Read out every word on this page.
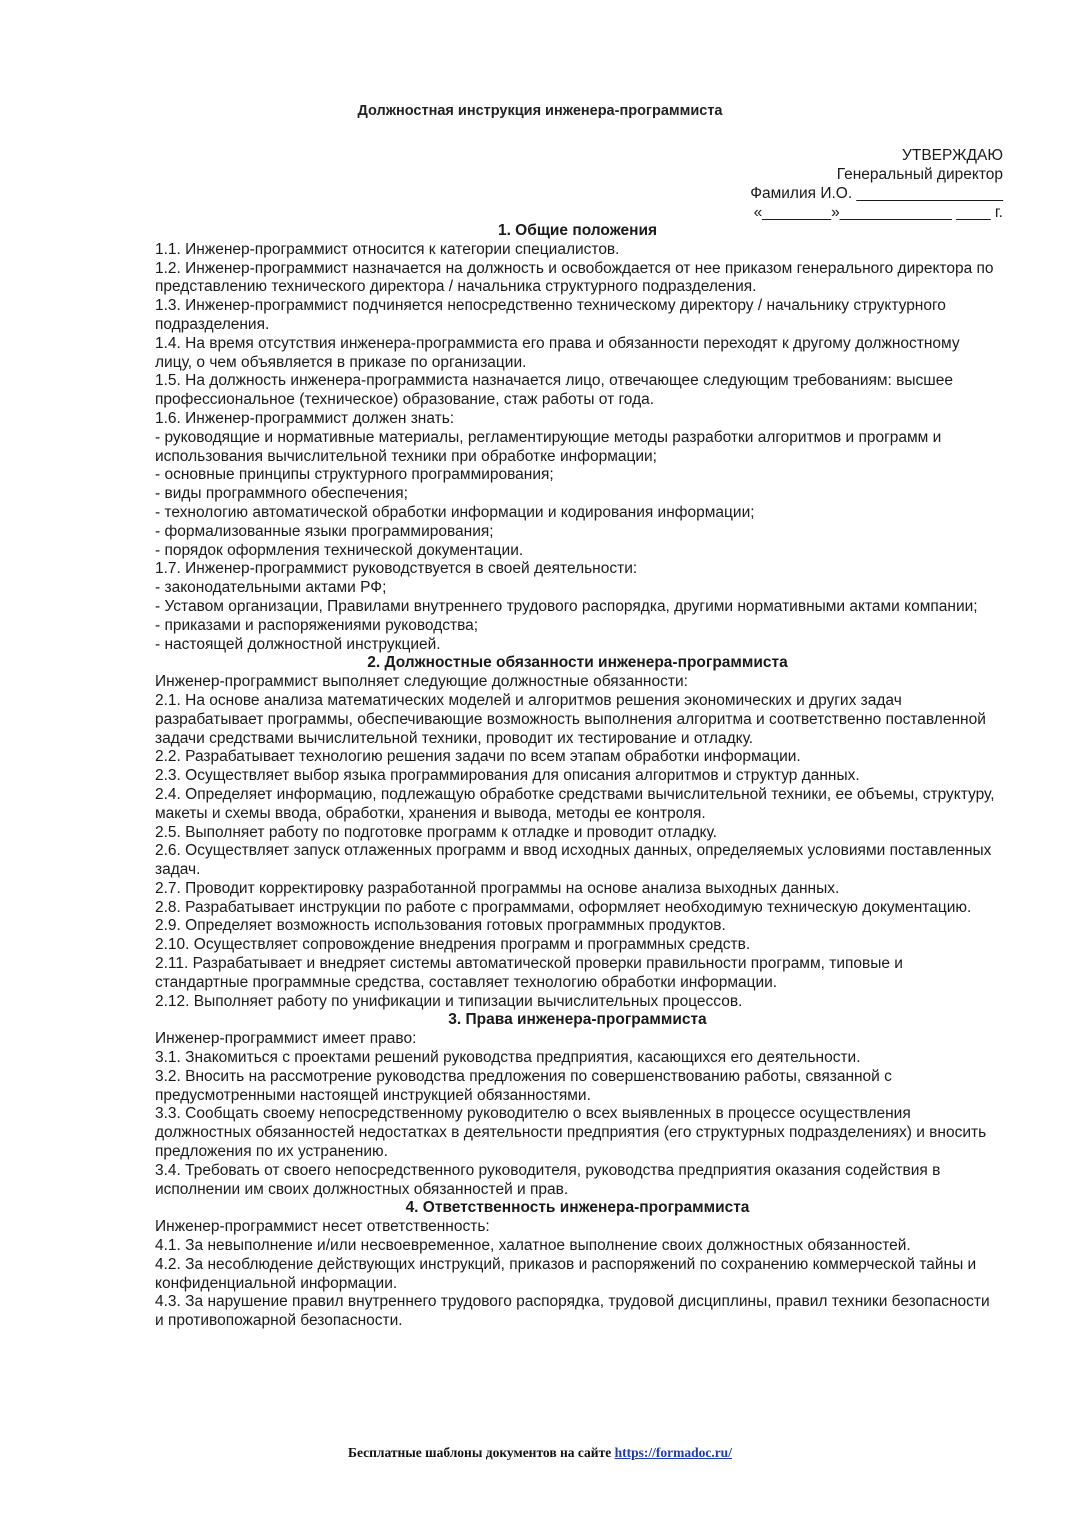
Должностная инструкция инженера-программиста
УТВЕРЖДАЮ
Генеральный директор
Фамилия И.О. _________________
«________»_____________ ____ г.
1. Общие положения
1.1. Инженер-программист относится к категории специалистов.
1.2. Инженер-программист назначается на должность и освобождается от нее приказом генерального директора по представлению технического директора / начальника структурного подразделения.
1.3. Инженер-программист подчиняется непосредственно техническому директору / начальнику структурного подразделения.
1.4. На время отсутствия инженера-программиста его права и обязанности переходят к другому должностному лицу, о чем объявляется в приказе по организации.
1.5. На должность инженера-программиста назначается лицо, отвечающее следующим требованиям: высшее профессиональное (техническое) образование, стаж работы от года.
1.6. Инженер-программист должен знать:
- руководящие и нормативные материалы, регламентирующие методы разработки алгоритмов и программ и использования вычислительной техники при обработке информации;
- основные принципы структурного программирования;
- виды программного обеспечения;
- технологию автоматической обработки информации и кодирования информации;
- формализованные языки программирования;
- порядок оформления технической документации.
1.7. Инженер-программист руководствуется в своей деятельности:
- законодательными актами РФ;
- Уставом организации, Правилами внутреннего трудового распорядка, другими нормативными актами компании;
- приказами и распоряжениями руководства;
- настоящей должностной инструкцией.
2. Должностные обязанности инженера-программиста
Инженер-программист выполняет следующие должностные обязанности:
2.1. На основе анализа математических моделей и алгоритмов решения экономических и других задач разрабатывает программы, обеспечивающие возможность выполнения алгоритма и соответственно поставленной задачи средствами вычислительной техники, проводит их тестирование и отладку.
2.2. Разрабатывает технологию решения задачи по всем этапам обработки информации.
2.3. Осуществляет выбор языка программирования для описания алгоритмов и структур данных.
2.4. Определяет информацию, подлежащую обработке средствами вычислительной техники, ее объемы, структуру, макеты и схемы ввода, обработки, хранения и вывода, методы ее контроля.
2.5. Выполняет работу по подготовке программ к отладке и проводит отладку.
2.6. Осуществляет запуск отлаженных программ и ввод исходных данных, определяемых условиями поставленных задач.
2.7. Проводит корректировку разработанной программы на основе анализа выходных данных.
2.8. Разрабатывает инструкции по работе с программами, оформляет необходимую техническую документацию.
2.9. Определяет возможность использования готовых программных продуктов.
2.10. Осуществляет сопровождение внедрения программ и программных средств.
2.11. Разрабатывает и внедряет системы автоматической проверки правильности программ, типовые и стандартные программные средства, составляет технологию обработки информации.
2.12. Выполняет работу по унификации и типизации вычислительных процессов.
3. Права инженера-программиста
Инженер-программист имеет право:
3.1. Знакомиться с проектами решений руководства предприятия, касающихся его деятельности.
3.2. Вносить на рассмотрение руководства предложения по совершенствованию работы, связанной с предусмотренными настоящей инструкцией обязанностями.
3.3. Сообщать своему непосредственному руководителю о всех выявленных в процессе осуществления должностных обязанностей недостатках в деятельности предприятия (его структурных подразделениях) и вносить предложения по их устранению.
3.4. Требовать от своего непосредственного руководителя, руководства предприятия оказания содействия в исполнении им своих должностных обязанностей и прав.
4. Ответственность инженера-программиста
Инженер-программист несет ответственность:
4.1. За невыполнение и/или несвоевременное, халатное выполнение своих должностных обязанностей.
4.2. За несоблюдение действующих инструкций, приказов и распоряжений по сохранению коммерческой тайны и конфиденциальной информации.
4.3. За нарушение правил внутреннего трудового распорядка, трудовой дисциплины, правил техники безопасности и противопожарной безопасности.
Бесплатные шаблоны документов на сайте https://formadoc.ru/
